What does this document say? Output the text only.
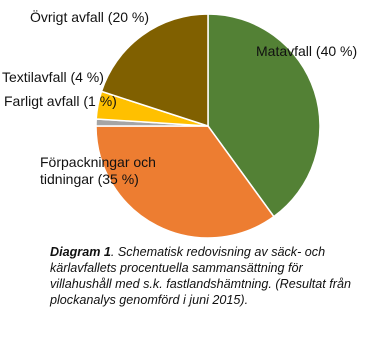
Matavfall (40 %)
Förpackningar och tidningar (35 %)
Farligt avfall (1 %)
Textilavfall (4 %)
Övrigt avfall (20 %)
Diagram 1. Schematisk redovisning av säck- och kärlavfallets procentuella sammansättning för villahushåll med s.k. fastlandshämtning. (Resultat från plockanalys genomförd i juni 2015).
